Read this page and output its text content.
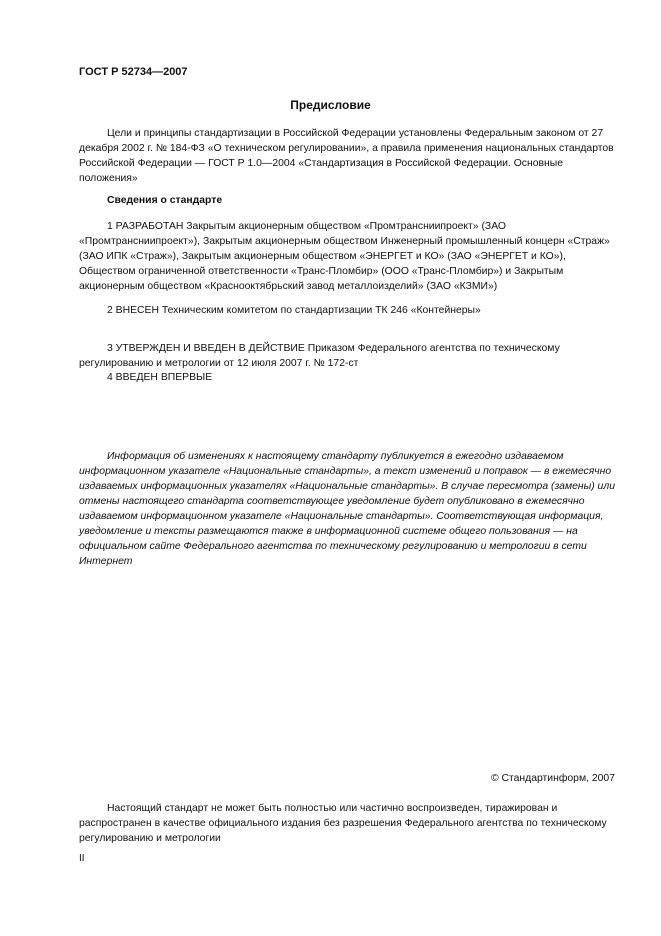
ГОСТ Р 52734—2007
Предисловие
Цели и принципы стандартизации в Российской Федерации установлены Федеральным законом от 27 декабря 2002 г. № 184-ФЗ «О техническом регулировании», а правила применения национальных стандартов Российской Федерации — ГОСТ Р 1.0—2004 «Стандартизация в Российской Федерации. Основные положения»
Сведения о стандарте
1 РАЗРАБОТАН Закрытым акционерным обществом «Промтрансниипроект» (ЗАО «Промтрансниипроект»), Закрытым акционерным обществом Инженерный промышленный концерн «Страж» (ЗАО ИПК «Страж»), Закрытым акционерным обществом «ЭНЕРГЕТ и КО» (ЗАО «ЭНЕРГЕТ и КО»), Обществом ограниченной ответственности «Транс-Пломбир» (ООО «Транс-Пломбир») и Закрытым акционерным обществом «Краснооктябрьский завод металлоизделий» (ЗАО «КЗМИ»)
2 ВНЕСЕН Техническим комитетом по стандартизации ТК 246 «Контейнеры»
3 УТВЕРЖДЕН И ВВЕДЕН В ДЕЙСТВИЕ Приказом Федерального агентства по техническому регулированию и метрологии от 12 июля 2007 г. № 172-ст
4 ВВЕДЕН ВПЕРВЫЕ
Информация об изменениях к настоящему стандарту публикуется в ежегодно издаваемом информационном указателе «Национальные стандарты», а текст изменений и поправок — в ежемесячно издаваемых информационных указателях «Национальные стандарты». В случае пересмотра (замены) или отмены настоящего стандарта соответствующее уведомление будет опубликовано в ежемесячно издаваемом информационном указателе «Национальные стандарты». Соответствующая информация, уведомление и тексты размещаются также в информационной системе общего пользования — на официальном сайте Федерального агентства по техническому регулированию и метрологии в сети Интернет
© Стандартинформ, 2007
Настоящий стандарт не может быть полностью или частично воспроизведен, тиражирован и распространен в качестве официального издания без разрешения Федерального агентства по техническому регулированию и метрологии
II
